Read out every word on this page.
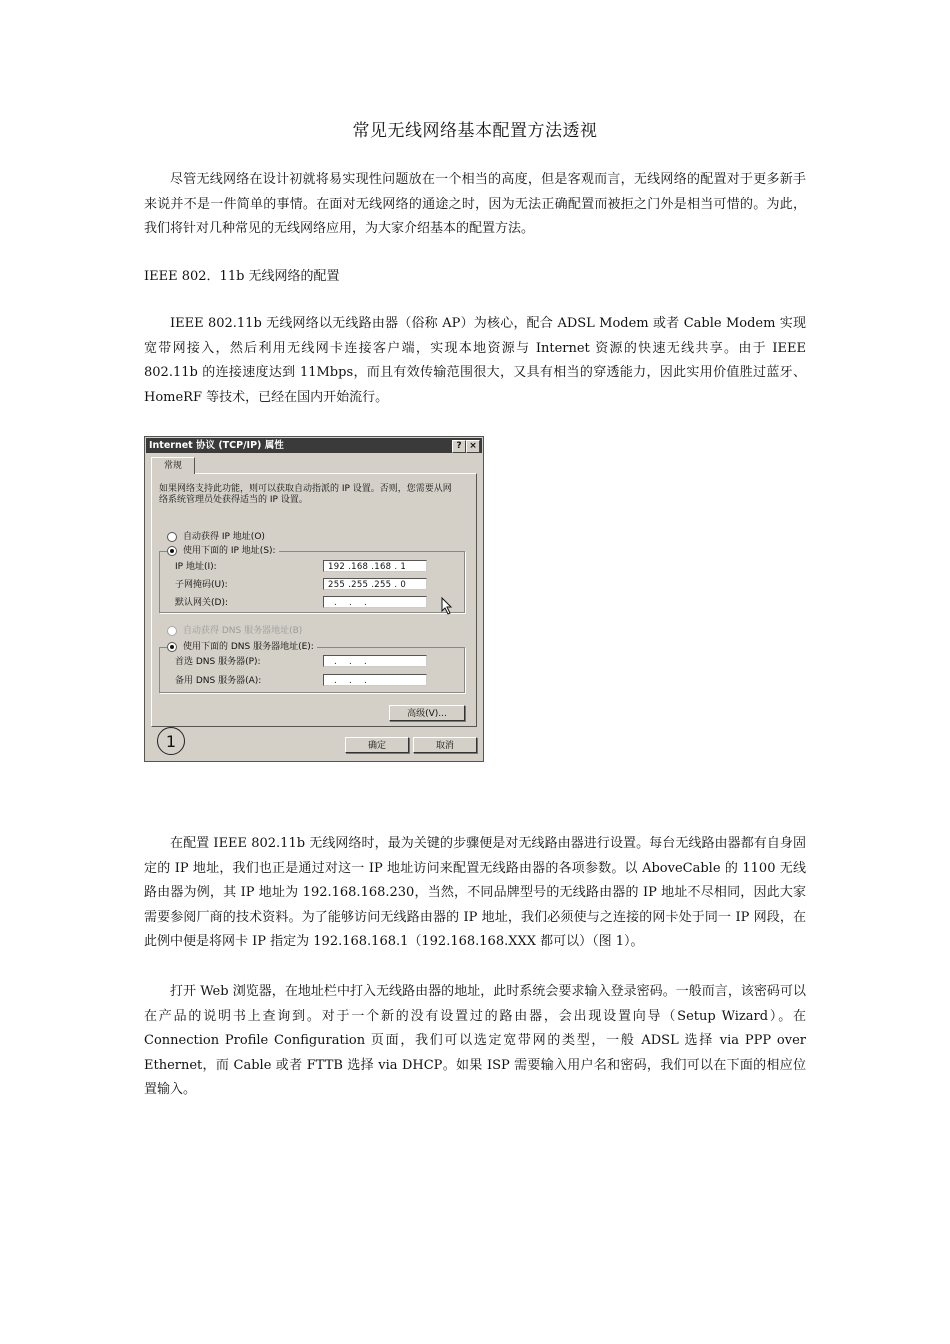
常见无线网络基本配置方法透视
尽管无线网络在设计初就将易实现性问题放在一个相当的高度，但是客观而言，无线网络的配置对于更多新手来说并不是一件简单的事情。在面对无线网络的通途之时，因为无法正确配置而被拒之门外是相当可惜的。为此，我们将针对几种常见的无线网络应用，为大家介绍基本的配置方法。
IEEE 802．11b 无线网络的配置
IEEE 802.11b 无线网络以无线路由器（俗称 AP）为核心，配合 ADSL Modem 或者 Cable Modem 实现宽带网接入，然后利用无线网卡连接客户端，实现本地资源与 Internet 资源的快速无线共享。由于 IEEE 802.11b 的连接速度达到 11Mbps，而且有效传输范围很大，又具有相当的穿透能力，因此实用价值胜过蓝牙、HomeRF 等技术，已经在国内开始流行。
Internet 协议 (TCP/IP) 属性	? ×
常规
如果网络支持此功能，则可以获取自动指派的 IP 设置。否则，您需要从网络系统管理员处获得适当的 IP 设置。
自动获得 IP 地址(O)
使用下面的 IP 地址(S):
IP 地址(I):	192 .168 .168 . 1
子网掩码(U):	255 .255 .255 . 0
默认网关(D):	.    .    .
自动获得 DNS 服务器地址(B)
使用下面的 DNS 服务器地址(E):
首选 DNS 服务器(P):	.    .    .
备用 DNS 服务器(A):	.    .    .
高级(V)...
1	确定	取消
在配置 IEEE 802.11b 无线网络时，最为关键的步骤便是对无线路由器进行设置。每台无线路由器都有自身固定的 IP 地址，我们也正是通过对这一 IP 地址访问来配置无线路由器的各项参数。以 AboveCable 的 1100 无线路由器为例，其 IP 地址为 192.168.168.230，当然，不同品牌型号的无线路由器的 IP 地址不尽相同，因此大家需要参阅厂商的技术资料。为了能够访问无线路由器的 IP 地址，我们必须使与之连接的网卡处于同一 IP 网段，在此例中便是将网卡 IP 指定为 192.168.168.1（192.168.168.XXX 都可以）（图 1）。
打开 Web 浏览器，在地址栏中打入无线路由器的地址，此时系统会要求输入登录密码。一般而言，该密码可以在产品的说明书上查询到。对于一个新的没有设置过的路由器，会出现设置向导（Setup Wizard）。在 Connection Profile Configuration 页面，我们可以选定宽带网的类型，一般 ADSL 选择 via PPP over Ethernet，而 Cable 或者 FTTB 选择 via DHCP。如果 ISP 需要输入用户名和密码，我们可以在下面的相应位置输入。
